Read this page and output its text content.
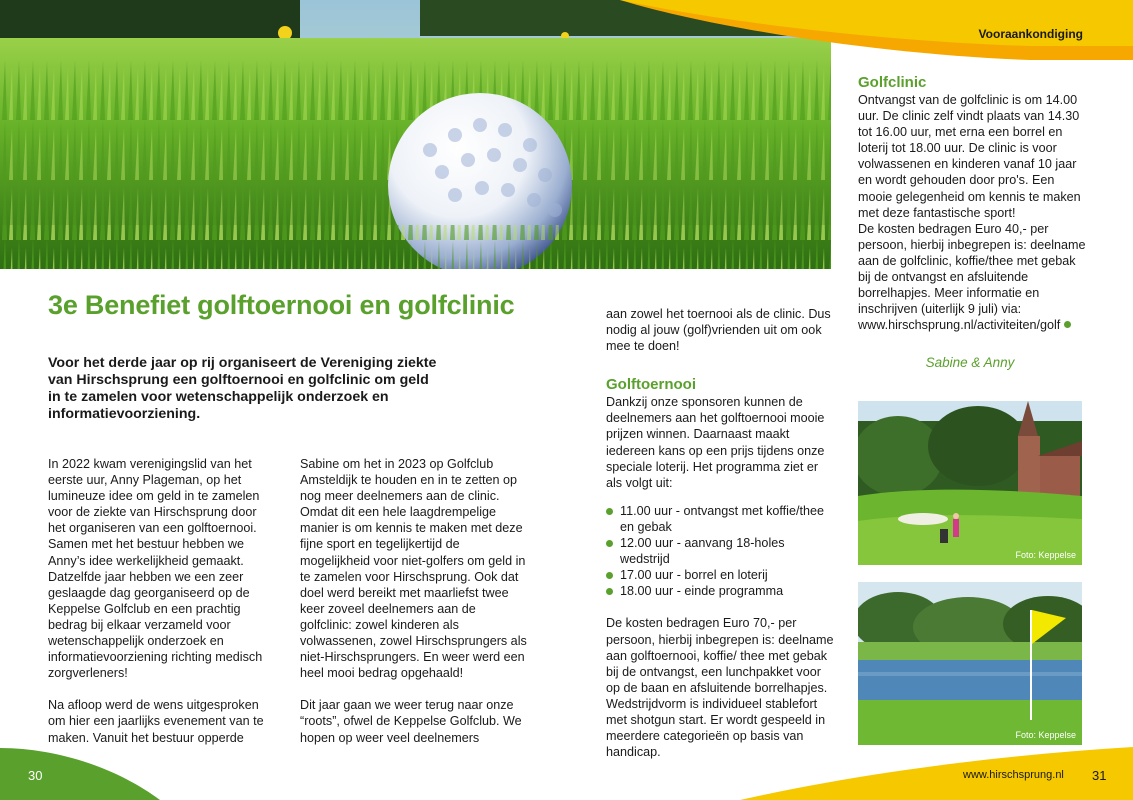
Vooraankondiging
3e Benefiet golftoernooi en golfclinic
Voor het derde jaar op rij organiseert de Vereniging ziekte van Hirschsprung een golftoernooi en golfclinic om geld in te zamelen voor wetenschappelijk onderzoek en informatievoorziening.

In 2022 kwam verenigingslid van het eerste uur, Anny Plageman, op het lumineuze idee om geld in te zamelen voor de ziekte van Hirschsprung door het organiseren van een golftoernooi. Samen met het bestuur hebben we Anny’s idee werkelijkheid gemaakt. Datzelfde jaar hebben we een zeer geslaagde dag georganiseerd op de Keppelse Golfclub en een prachtig bedrag bij elkaar verzameld voor wetenschappelijk onderzoek en informatievoorziening richting medisch zorgverleners!

Na afloop werd de wens uitgesproken om hier een jaarlijks evenement van te maken. Vanuit het bestuur opperde

Sabine om het in 2023 op Golfclub Amsteldijk te houden en in te zetten op nog meer deelnemers aan de clinic. Omdat dit een hele laagdrempelige manier is om kennis te maken met deze fijne sport en tegelijkertijd de mogelijkheid voor niet-golfers om geld in te zamelen voor Hirschsprung. Ook dat doel werd bereikt met maarliefst twee keer zoveel deelnemers aan de golfclinic: zowel kinderen als volwassenen, zowel Hirschsprungers als niet-Hirschsprungers. En weer werd een heel mooi bedrag opgehaald!

Dit jaar gaan we weer terug naar onze “roots”, ofwel de Keppelse Golfclub. We hopen op weer veel deelnemers

aan zowel het toernooi als de clinic. Dus nodig al jouw (golf)vrienden uit om ook mee te doen!

Golftoernooi

Dankzij onze sponsoren kunnen de deelnemers aan het golftoernooi mooie prijzen winnen. Daarnaast maakt iedereen kans op een prijs tijdens onze speciale loterij. Het programma ziet er als volgt uit:

11.00 uur - ontvangst met koffie/thee en gebak
12.00 uur - aanvang 18-holes wedstrijd
17.00 uur - borrel en loterij
18.00 uur - einde programma

De kosten bedragen Euro 70,- per persoon, hierbij inbegrepen is: deelname aan golftoernooi, koffie/ thee met gebak bij de ontvangst, een lunchpakket voor op de baan en afsluitende borrelhapjes. Wedstrijdvorm is individueel stablefort met shotgun start. Er wordt gespeeld in meerdere categorieën op basis van handicap.

Golfclinic

Ontvangst van de golfclinic is om 14.00 uur. De clinic zelf vindt plaats van 14.30 tot 16.00 uur, met erna een borrel en loterij tot 18.00 uur. De clinic is voor volwassenen en kinderen vanaf 10 jaar en wordt gehouden door pro's. Een mooie gelegenheid om kennis te maken met deze fantastische sport!

De kosten bedragen Euro 40,- per persoon, hierbij inbegrepen is: deelname aan de golfclinic, koffie/thee met gebak bij de ontvangst en afsluitende borrelhapjes. Meer informatie en inschrijven (uiterlijk 9 juli) via:

www.hirschsprung.nl/activiteiten/golf

Sabine & Anny
Foto: Keppelse
Foto: Keppelse
30	www.hirschsprung.nl 31
